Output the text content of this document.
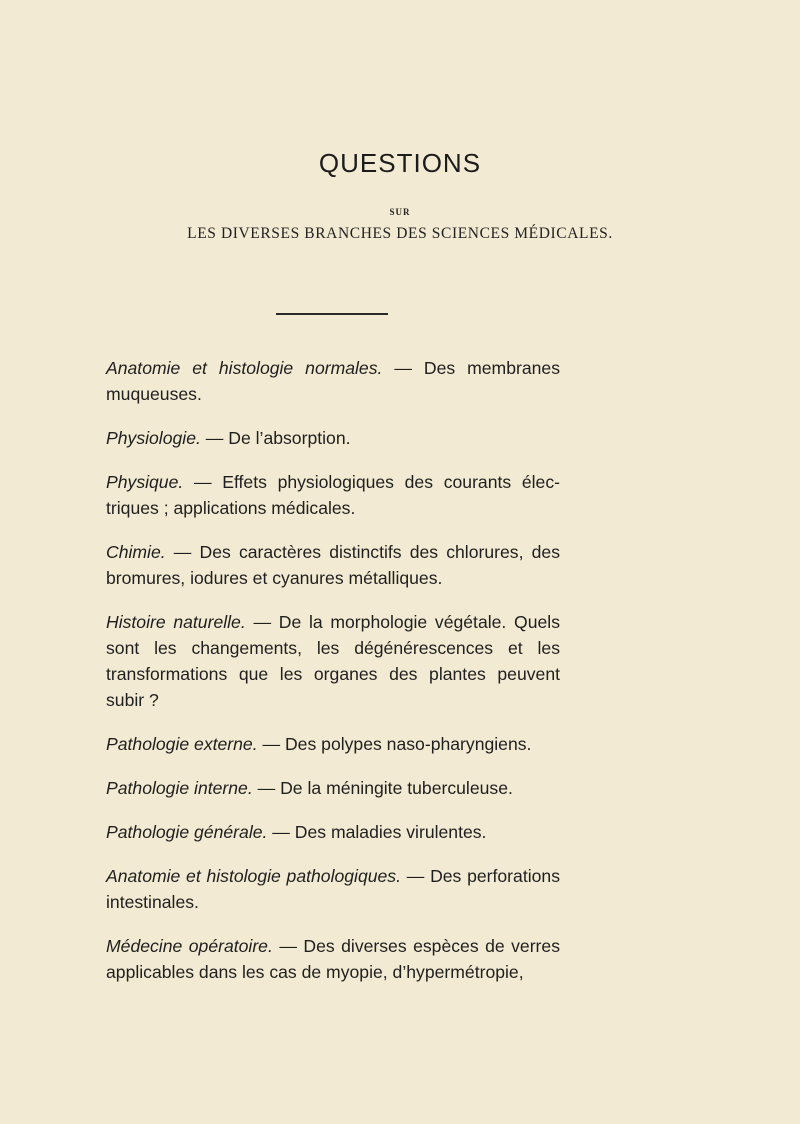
QUESTIONS
SUR
LES DIVERSES BRANCHES DES SCIENCES MÉDICALES.

Anatomie et histologie normales. — Des membranes muqueuses.

Physiologie. — De l’absorption.

Physique. — Effets physiologiques des courants électriques ; applications médicales.

Chimie. — Des caractères distinctifs des chlorures, des bromures, iodures et cyanures métalliques.

Histoire naturelle. — De la morphologie végétale. Quels sont les changements, les dégénérescences et les transformations que les organes des plantes peuvent subir ?

Pathologie externe. — Des polypes naso-pharyngiens.

Pathologie interne. — De la méningite tuberculeuse.

Pathologie générale. — Des maladies virulentes.

Anatomie et histologie pathologiques. — Des perforations intestinales.

Médecine opératoire. — Des diverses espèces de verres applicables dans les cas de myopie, d’hypermétropie,
